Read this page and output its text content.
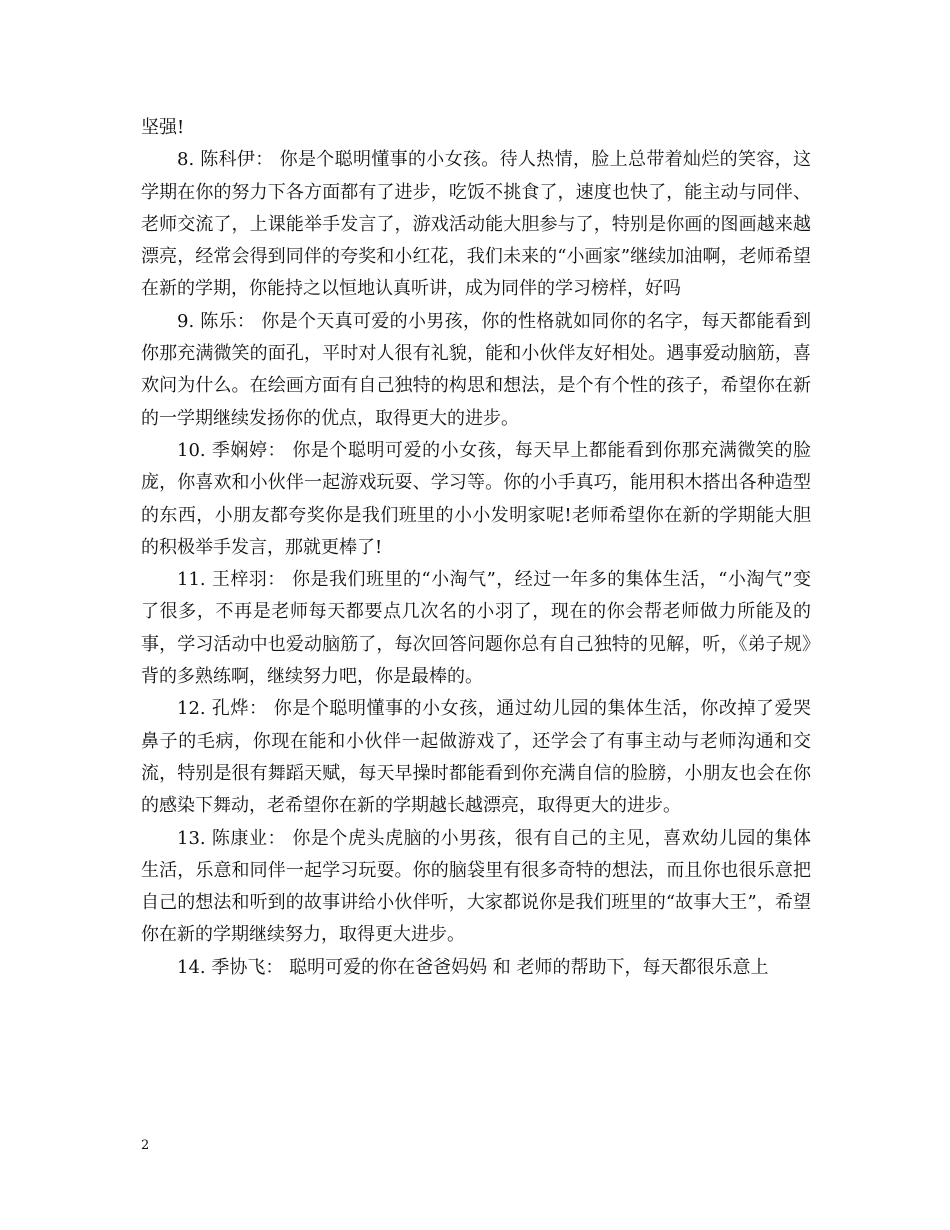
坚强!

8. 陈科伊： 你是个聪明懂事的小女孩。待人热情，脸上总带着灿烂的笑容，这学期在你的努力下各方面都有了进步，吃饭不挑食了，速度也快了，能主动与同伴、老师交流了，上课能举手发言了，游戏活动能大胆参与了，特别是你画的图画越来越漂亮，经常会得到同伴的夸奖和小红花，我们未来的“小画家”继续加油啊，老师希望在新的学期，你能持之以恒地认真听讲，成为同伴的学习榜样，好吗

9. 陈乐： 你是个天真可爱的小男孩，你的性格就如同你的名字，每天都能看到你那充满微笑的面孔，平时对人很有礼貌，能和小伙伴友好相处。遇事爱动脑筋，喜欢问为什么。在绘画方面有自己独特的构思和想法，是个有个性的孩子，希望你在新的一学期继续发扬你的优点，取得更大的进步。

10. 季娴婷： 你是个聪明可爱的小女孩，每天早上都能看到你那充满微笑的脸庞，你喜欢和小伙伴一起游戏玩耍、学习等。你的小手真巧，能用积木搭出各种造型的东西，小朋友都夸奖你是我们班里的小小发明家呢!老师希望你在新的学期能大胆的积极举手发言，那就更棒了!

11. 王梓羽： 你是我们班里的“小淘气”，经过一年多的集体生活，“小淘气”变了很多，不再是老师每天都要点几次名的小羽了，现在的你会帮老师做力所能及的事，学习活动中也爱动脑筋了，每次回答问题你总有自己独特的见解，听，《弟子规》背的多熟练啊，继续努力吧，你是最棒的。

12. 孔烨： 你是个聪明懂事的小女孩，通过幼儿园的集体生活，你改掉了爱哭鼻子的毛病，你现在能和小伙伴一起做游戏了，还学会了有事主动与老师沟通和交流，特别是很有舞蹈天赋，每天早操时都能看到你充满自信的脸膀，小朋友也会在你的感染下舞动，老希望你在新的学期越长越漂亮，取得更大的进步。

13. 陈康业： 你是个虎头虎脑的小男孩，很有自己的主见，喜欢幼儿园的集体生活，乐意和同伴一起学习玩耍。你的脑袋里有很多奇特的想法，而且你也很乐意把自己的想法和听到的故事讲给小伙伴听，大家都说你是我们班里的“故事大王”，希望你在新的学期继续努力，取得更大进步。

14. 季协飞： 聪明可爱的你在爸爸妈妈 和 老师的帮助下，每天都很乐意上

2
